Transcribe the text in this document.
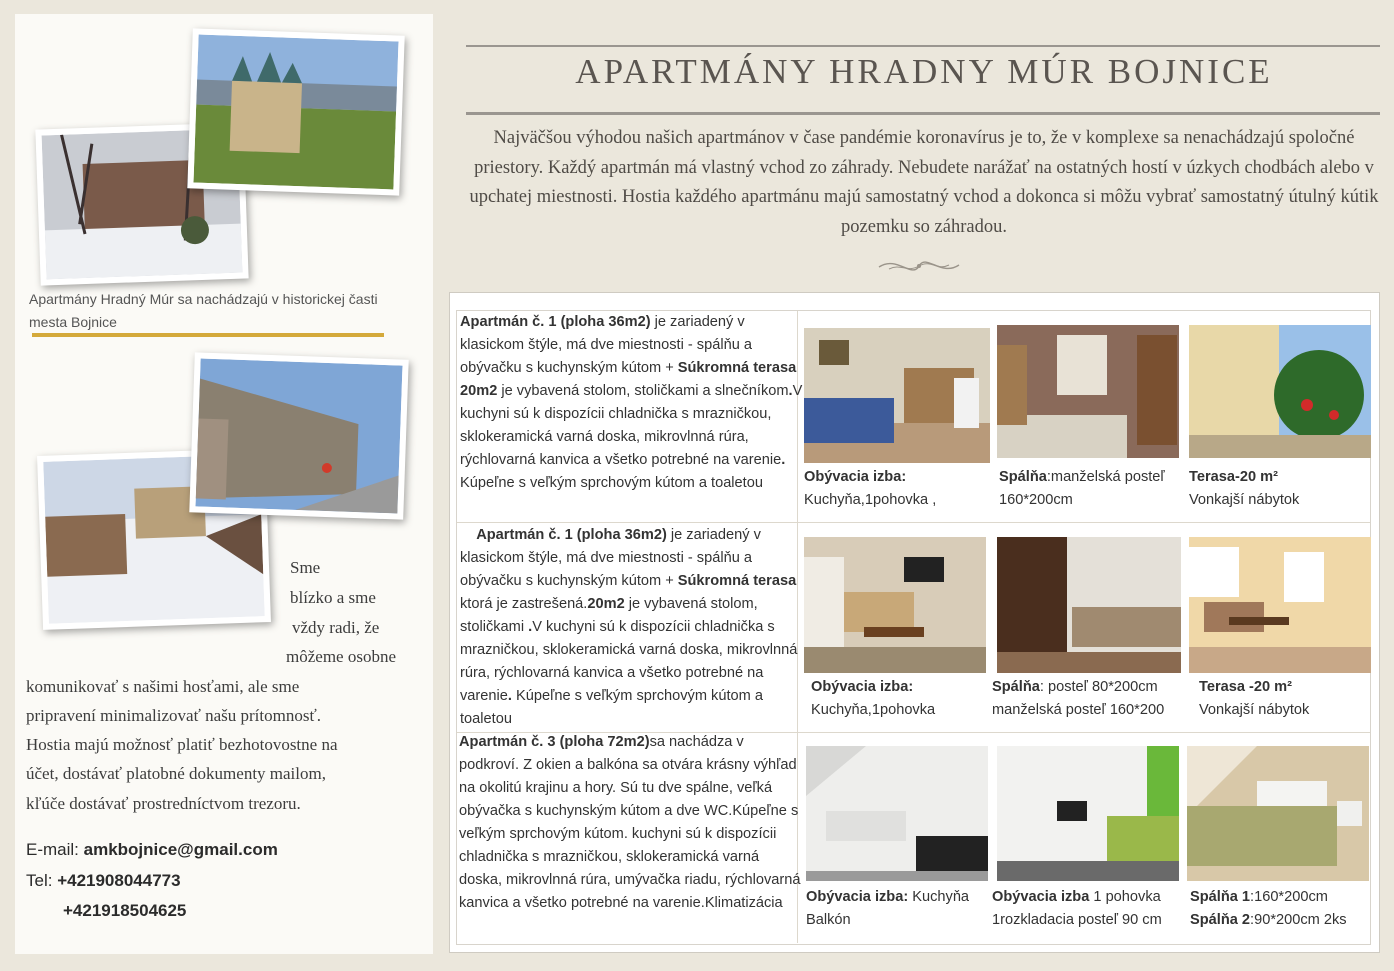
Apartmány Hradný Múr sa nachádzajú v historickej časti mesta Bojnice
Sme
blízko a sme
vždy radi, že
môžeme osobne
komunikovať s našimi hosťami, ale sme
pripravení minimalizovať našu prítomnosť.
Hostia majú možnosť platiť bezhotovostne na
účet, dostávať platobné dokumenty mailom,
kľúče dostávať prostredníctvom trezoru.
E-mail: amkbojnice@gmail.com
Tel: +421908044773
+421918504625
APARTMÁNY HRADNY MÚR BOJNICE
Najväčšou výhodou našich apartmánov v čase pandémie koronavírus je to, že v komplexe sa nenachádzajú spoločné priestory. Každý apartmán má vlastný vchod zo záhrady. Nebudete narážať na ostatných hostí v úzkych chodbách alebo v upchatej miestnosti. Hostia každého apartmánu majú samostatný vchod a dokonca si môžu vybrať samostatný útulný kútik pozemku so záhradou.
Apartmán č. 1 (ploha 36m2) je zariadený v klasickom štýle, má dve miestnosti - spálňu a obývačku s kuchynským kútom + Súkromná terasa 20m2 je vybavená stolom, stoličkami a slnečníkom.V kuchyni sú k dispozícii chladnička s mrazničkou, sklokeramická varná doska, mikrovlnná rúra, rýchlovarná kanvica a všetko potrebné na varenie. Kúpeľne s veľkým sprchovým kútom a toaletou	Obývacia izba:
Kuchyňa,1pohovka ,
Spálňa:manželská posteľ
160*200cm
Terasa-20 m²
Vonkajší nábytok
Apartmán č. 1 (ploha 36m2) je zariadený v klasickom štýle, má dve miestnosti - spálňu a obývačku s kuchynským kútom + Súkromná terasa ktorá je zastrešená.20m2 je vybavená stolom, stoličkami .V kuchyni sú k dispozícii chladnička s mrazničkou, sklokeramická varná doska, mikrovlnná rúra, rýchlovarná kanvica a všetko potrebné na varenie. Kúpeľne s veľkým sprchovým kútom a toaletou
Obývacia izba:
Kuchyňa,1pohovka
Spálňa: posteľ 80*200cm
manželská posteľ 160*200
Terasa -20 m²
Vonkajší nábytok
Apartmán č. 3 (ploha 72m2)sa nachádza v podkroví. Z okien a balkóna sa otvára krásny výhľad na okolitú krajinu a hory. Sú tu dve spálne, veľká obývačka s kuchynským kútom a dve WC.Kúpeľne s veľkým sprchovým kútom. kuchyni sú k dispozícii chladnička s mrazničkou, sklokeramická varná doska, mikrovlnná rúra, umývačka riadu, rýchlovarná kanvica a všetko potrebné na varenie.Klimatizácia	Obývacia izba: Kuchyňa
Balkón
Obývacia izba 1 pohovka
1rozkladacia posteľ 90 cm
Spálňa 1:160*200cm
Spálňa 2:90*200cm 2ks
